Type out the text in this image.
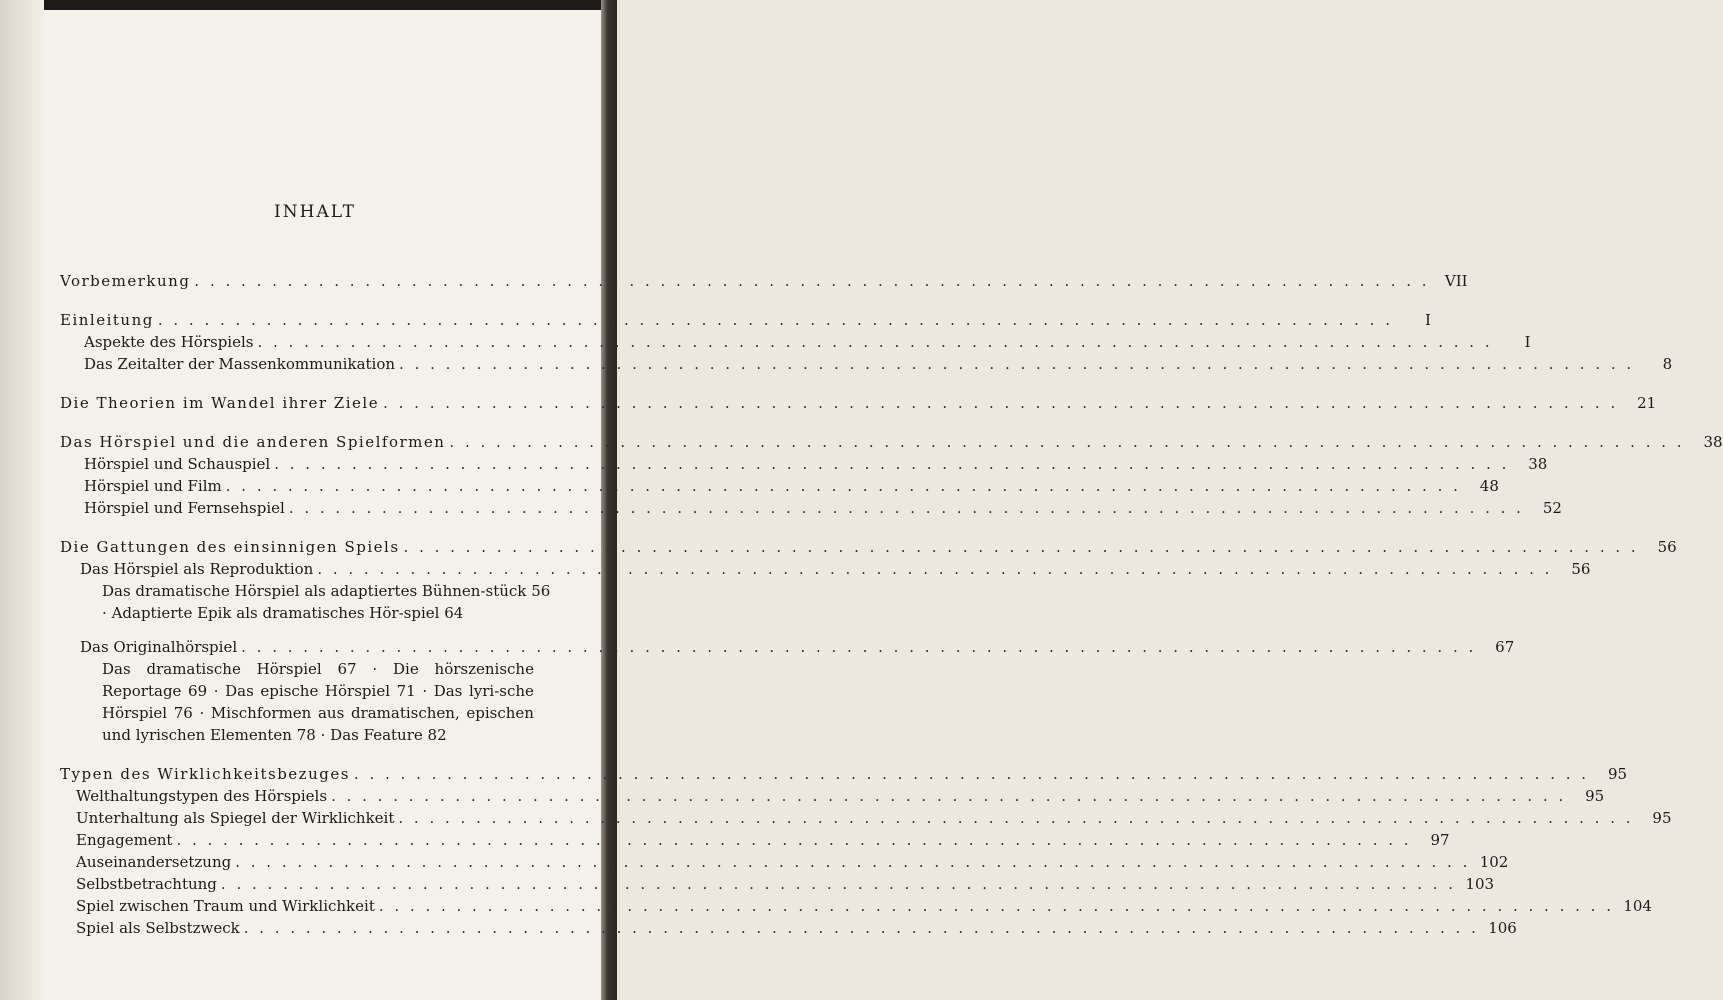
INHALT
Vorbemerkung . . . . . . . . . . . . . . . . . . . . . . . . . . . . . . . . . . . . . . . . . . . . . . . . . . . . . . . . . . . . . . . . . . . . . . . . . . . . . . . .	VII
Einleitung . . . . . . . . . . . . . . . . . . . . . . . . . . . . . . . . . . . . . . . . . . . . . . . . . . . . . . . . . . . . . . . . . . . . . . . . . . . . . . . .	I
Aspekte des Hörspiels . . . . . . . . . . . . . . . . . . . . . . . . . . . . . . . . . . . . . . . . . . . . . . . . . . . . . . . . . . . . . . . . . . . . . . . . . . . . . . . .	I
Das Zeitalter der Massenkommunikation . . . . . . . . . . . . . . . . . . . . . . . . . . . . . . . . . . . . . . . . . . . . . . . . . . . . . . . . . . . . . . . . . . . . . . . . . . . . . . . .	8
Die Theorien im Wandel ihrer Ziele . . . . . . . . . . . . . . . . . . . . . . . . . . . . . . . . . . . . . . . . . . . . . . . . . . . . . . . . . . . . . . . . . . . . . . . . . . . . . . . .	21
Das Hörspiel und die anderen Spielformen . . . . . . . . . . . . . . . . . . . . . . . . . . . . . . . . . . . . . . . . . . . . . . . . . . . . . . . . . . . . . . . . . . . . . . . . . . . . . . . .	38
Hörspiel und Schauspiel . . . . . . . . . . . . . . . . . . . . . . . . . . . . . . . . . . . . . . . . . . . . . . . . . . . . . . . . . . . . . . . . . . . . . . . . . . . . . . . .	38
Hörspiel und Film . . . . . . . . . . . . . . . . . . . . . . . . . . . . . . . . . . . . . . . . . . . . . . . . . . . . . . . . . . . . . . . . . . . . . . . . . . . . . . . .	48
Hörspiel und Fernsehspiel . . . . . . . . . . . . . . . . . . . . . . . . . . . . . . . . . . . . . . . . . . . . . . . . . . . . . . . . . . . . . . . . . . . . . . . . . . . . . . . .	52
Die Gattungen des einsinnigen Spiels . . . . . . . . . . . . . . . . . . . . . . . . . . . . . . . . . . . . . . . . . . . . . . . . . . . . . . . . . . . . . . . . . . . . . . . . . . . . . . . .	56
Das Hörspiel als Reproduktion . . . . . . . . . . . . . . . . . . . . . . . . . . . . . . . . . . . . . . . . . . . . . . . . . . . . . . . . . . . . . . . . . . . . . . . . . . . . . . . .	56
Das dramatische Hörspiel als adaptiertes Bühnen-stück 56 · Adaptierte Epik als dramatisches Hör-spiel 64
Das Originalhörspiel . . . . . . . . . . . . . . . . . . . . . . . . . . . . . . . . . . . . . . . . . . . . . . . . . . . . . . . . . . . . . . . . . . . . . . . . . . . . . . . .	67
Das dramatische Hörspiel 67 · Die hörszenische Reportage 69 · Das epische Hörspiel 71 · Das lyri-sche Hörspiel 76 · Mischformen aus dramatischen, epischen und lyrischen Elementen 78 · Das Feature 82
Typen des Wirklichkeitsbezuges . . . . . . . . . . . . . . . . . . . . . . . . . . . . . . . . . . . . . . . . . . . . . . . . . . . . . . . . . . . . . . . . . . . . . . . . . . . . . . . .	95
Welthaltungstypen des Hörspiels . . . . . . . . . . . . . . . . . . . . . . . . . . . . . . . . . . . . . . . . . . . . . . . . . . . . . . . . . . . . . . . . . . . . . . . . . . . . . . . .	95
Unterhaltung als Spiegel der Wirklichkeit . . . . . . . . . . . . . . . . . . . . . . . . . . . . . . . . . . . . . . . . . . . . . . . . . . . . . . . . . . . . . . . . . . . . . . . . . . . . . . . .	95
Engagement . . . . . . . . . . . . . . . . . . . . . . . . . . . . . . . . . . . . . . . . . . . . . . . . . . . . . . . . . . . . . . . . . . . . . . . . . . . . . . . .	97
Auseinandersetzung . . . . . . . . . . . . . . . . . . . . . . . . . . . . . . . . . . . . . . . . . . . . . . . . . . . . . . . . . . . . . . . . . . . . . . . . . . . . . . . . 102
Selbstbetrachtung . . . . . . . . . . . . . . . . . . . . . . . . . . . . . . . . . . . . . . . . . . . . . . . . . . . . . . . . . . . . . . . . . . . . . . . . . . . . . . . . 103
Spiel zwischen Traum und Wirklichkeit . . . . . . . . . . . . . . . . . . . . . . . . . . . . . . . . . . . . . . . . . . . . . . . . . . . . . . . . . . . . . . . . . . . . . . . . . . . . . . . . 104
Spiel als Selbstzweck . . . . . . . . . . . . . . . . . . . . . . . . . . . . . . . . . . . . . . . . . . . . . . . . . . . . . . . . . . . . . . . . . . . . . . . . . . . . . . . . 106
